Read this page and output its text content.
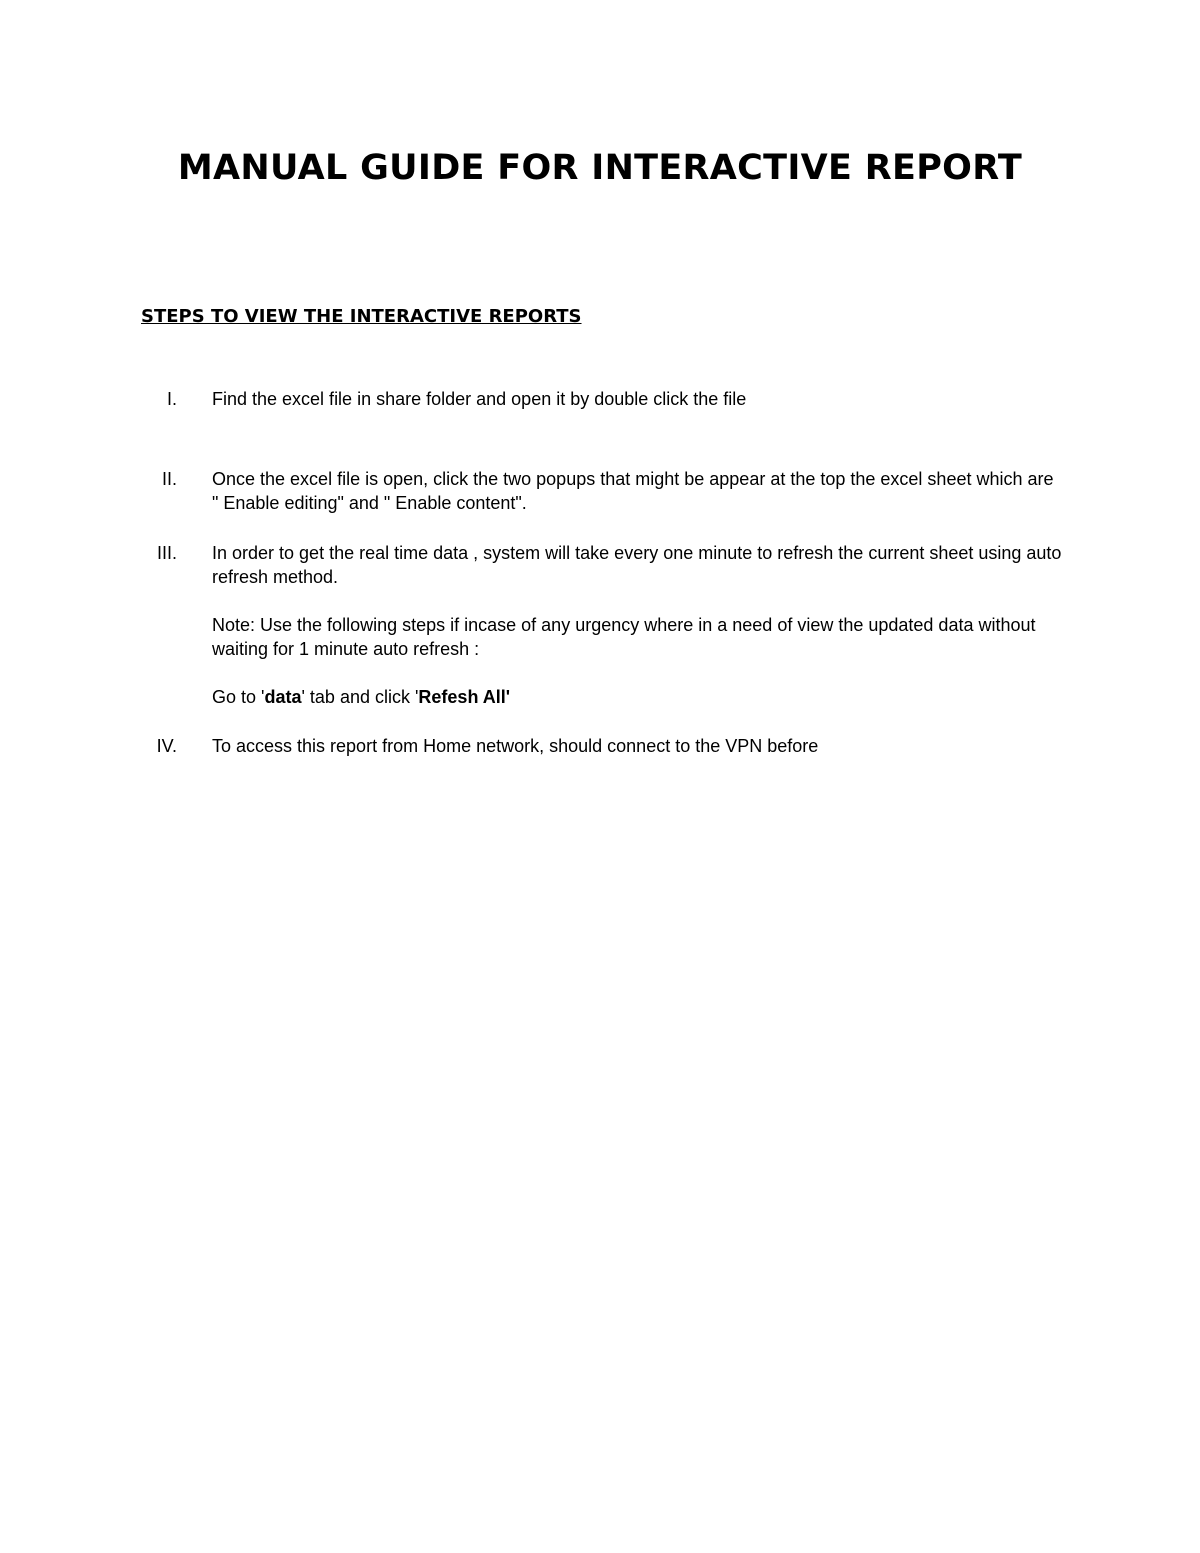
MANUAL GUIDE FOR INTERACTIVE REPORT
STEPS TO VIEW THE INTERACTIVE REPORTS
I. Find the excel file in share folder and open it by double click the file

II. Once the excel file is open, click the two popups that might be appear at the top the excel sheet which are " Enable editing" and " Enable content".

III. In order to get the real time data , system will take every one minute to refresh the current sheet using auto refresh method.

Note: Use the following steps if incase of any urgency where in a need of view the updated data without waiting for 1 minute auto refresh :

Go to 'data' tab and click 'Refesh All'

IV. To access this report from Home network, should connect to the VPN before
